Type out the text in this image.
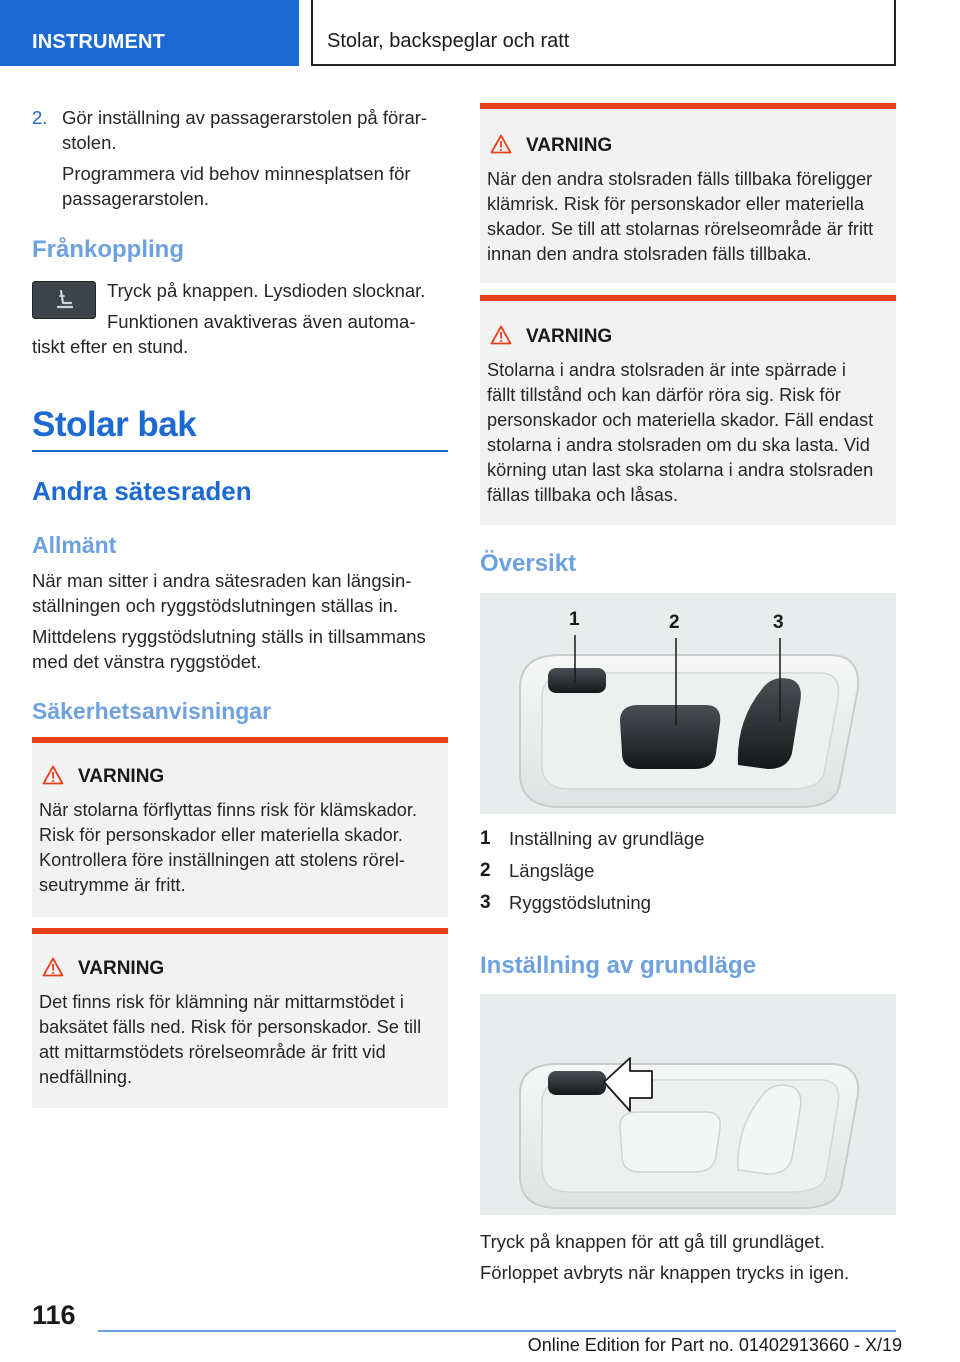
INSTRUMENT	Stolar, backspeglar och ratt
2. Gör inställning av passagerarstolen på förar-
stolen.
Programmera vid behov minnesplatsen för
passagerarstolen.
Frånkoppling
Tryck på knappen. Lysdioden slocknar.
Funktionen avaktiveras även automa-
tiskt efter en stund.
Stolar bak
Andra sätesraden
Allmänt
När man sitter i andra sätesraden kan längsin-
ställningen och ryggstödslutningen ställas in.
Mittdelens ryggstödslutning ställs in tillsammans
med det vänstra ryggstödet.
Säkerhetsanvisningar
VARNING
När stolarna förflyttas finns risk för klämskador.
Risk för personskador eller materiella skador.
Kontrollera före inställningen att stolens rörel-
seutrymme är fritt.
VARNING
Det finns risk för klämning när mittarmstödet i
baksätet fälls ned. Risk för personskador. Se till
att mittarmstödets rörelseområde är fritt vid
nedfällning.
VARNING
När den andra stolsraden fälls tillbaka föreligger
klämrisk. Risk för personskador eller materiella
skador. Se till att stolarnas rörelseområde är fritt
innan den andra stolsraden fälls tillbaka.
VARNING
Stolarna i andra stolsraden är inte spärrade i
fällt tillstånd och kan därför röra sig. Risk för
personskador och materiella skador. Fäll endast
stolarna i andra stolsraden om du ska lasta. Vid
körning utan last ska stolarna i andra stolsraden
fällas tillbaka och låsas.
Översikt
1	2	3
1 Inställning av grundläge
2 Längsläge
3 Ryggstödslutning
Inställning av grundläge
Tryck på knappen för att gå till grundläget.
Förloppet avbryts när knappen trycks in igen.
116
Online Edition for Part no. 01402913660 - X/19
